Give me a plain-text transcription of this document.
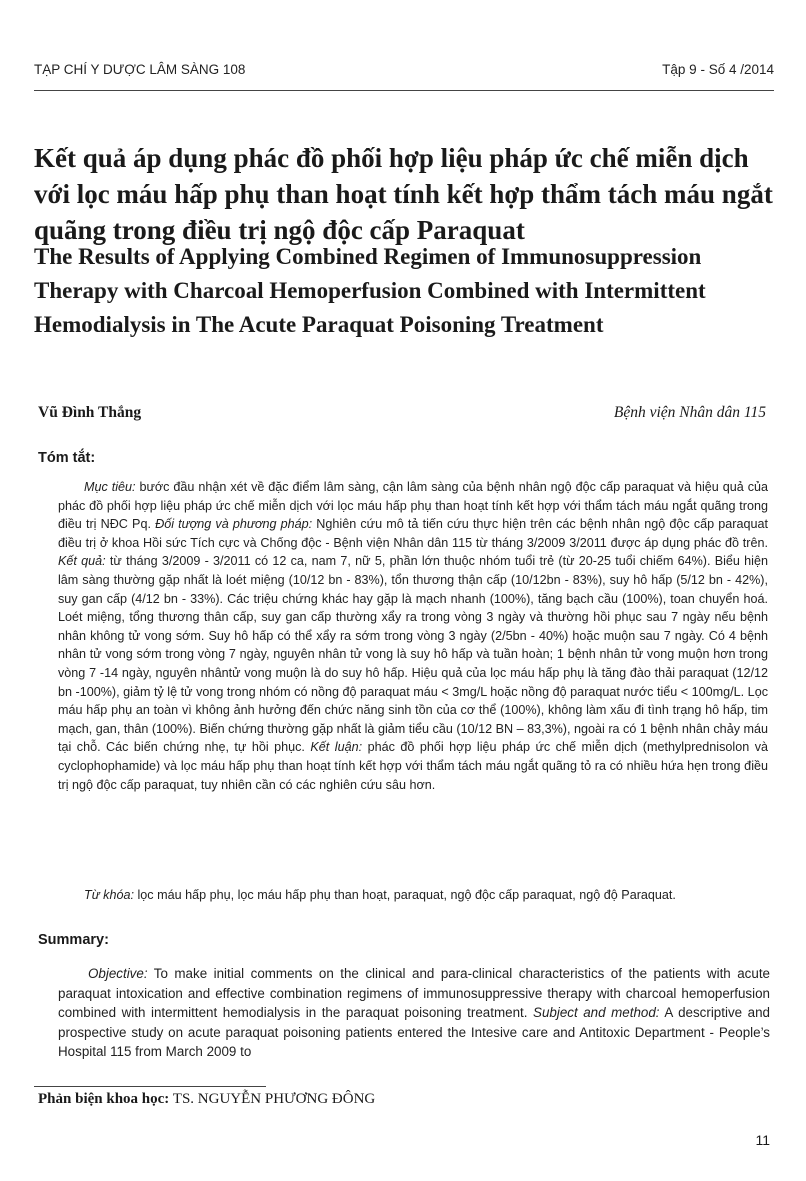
TẠP CHÍ Y DƯỢC LÂM SÀNG 108	Tập 9 - Số 4 /2014
Kết quả áp dụng phác đồ phối hợp liệu pháp ức chế miễn dịch với lọc máu hấp phụ than hoạt tính kết hợp thẩm tách máu ngắt quãng trong điều trị ngộ độc cấp Paraquat
The Results of Applying Combined Regimen of Immunosuppression Therapy with Charcoal Hemoperfusion Combined with Intermittent Hemodialysis in The Acute Paraquat Poisoning Treatment
Vũ Đình Thắng	Bệnh viện Nhân dân 115
Tóm tắt:

Mục tiêu: bước đầu nhận xét về đặc điểm lâm sàng, cận lâm sàng của bệnh nhân ngộ độc cấp paraquat và hiệu quả của phác đồ phối hợp liệu pháp ức chế miễn dịch với lọc máu hấp phụ than hoạt tính kết hợp với thẩm tách máu ngắt quãng trong điều trị NĐC Pq. Đối tượng và phương pháp: Nghiên cứu mô tả tiến cứu thực hiện trên các bệnh nhân ngộ độc cấp paraquat điều trị ở khoa Hồi sức Tích cực và Chống độc - Bệnh viện Nhân dân 115 từ tháng 3/2009 3/2011 được áp dụng phác đồ trên. Kết quả: từ tháng 3/2009 - 3/2011 có 12 ca, nam 7, nữ 5, phần lớn thuộc nhóm tuổi trẻ (từ 20-25 tuổi chiếm 64%). Biểu hiện lâm sàng thường gặp nhất là loét miệng (10/12 bn - 83%), tổn thương thận cấp (10/12bn - 83%), suy hô hấp (5/12 bn - 42%), suy gan cấp (4/12 bn - 33%). Các triệu chứng khác hay gặp là mạch nhanh (100%), tăng bạch cầu (100%), toan chuyển hoá. Loét miệng, tổng thương thân cấp, suy gan cấp thường xẩy ra trong vòng 3 ngày và thường hồi phục sau 7 ngày nếu bệnh nhân không tử vong sớm. Suy hô hấp có thể xẩy ra sớm trong vòng 3 ngày (2/5bn - 40%) hoặc muộn sau 7 ngày. Có 4 bệnh nhân tử vong sớm trong vòng 7 ngày, nguyên nhân tử vong là suy hô hấp và tuần hoàn; 1 bệnh nhân tử vong muộn hơn trong vòng 7 -14 ngày, nguyên nhântử vong muộn là do suy hô hấp. Hiệu quả của lọc máu hấp phụ là tăng đào thải paraquat (12/12 bn -100%), giảm tỷ lệ tử vong trong nhóm có nồng độ paraquat máu < 3mg/L hoặc nồng độ paraquat nước tiểu < 100mg/L. Lọc máu hấp phụ an toàn vì không ảnh hưởng đến chức năng sinh tồn của cơ thể (100%), không làm xấu đi tình trạng hô hấp, tim mạch, gan, thân (100%). Biến chứng thường gặp nhất là giảm tiểu cầu (10/12 BN – 83,3%), ngoài ra có 1 bệnh nhân chảy máu tại chỗ. Các biến chứng nhẹ, tự hồi phục. Kết luận: phác đồ phối hợp liệu pháp ức chế miễn dịch (methylprednisolon và cyclophophamide) và lọc máu hấp phụ than hoạt tính kết hợp với thẩm tách máu ngắt quãng tỏ ra có nhiều hứa hẹn trong điều trị ngộ độc cấp paraquat, tuy nhiên cần có các nghiên cứu sâu hơn.

Từ khóa: lọc máu hấp phụ, lọc máu hấp phụ than hoạt, paraquat, ngộ độc cấp paraquat, ngộ độ Paraquat.

Summary:

Objective: To make initial comments on the clinical and para-clinical characteristics of the patients with acute paraquat intoxication and effective combination regimens of immunosuppressive therapy with charcoal hemoperfusion combined with intermittent hemodialysis in the paraquat poisoning treatment. Subject and method: A descriptive and prospective study on acute paraquat poisoning patients entered the Intesive care and Antitoxic Department - People’s Hospital 115 from March 2009 to

Phản biện khoa học: TS. NGUYỄN PHƯƠNG ĐÔNG
11
